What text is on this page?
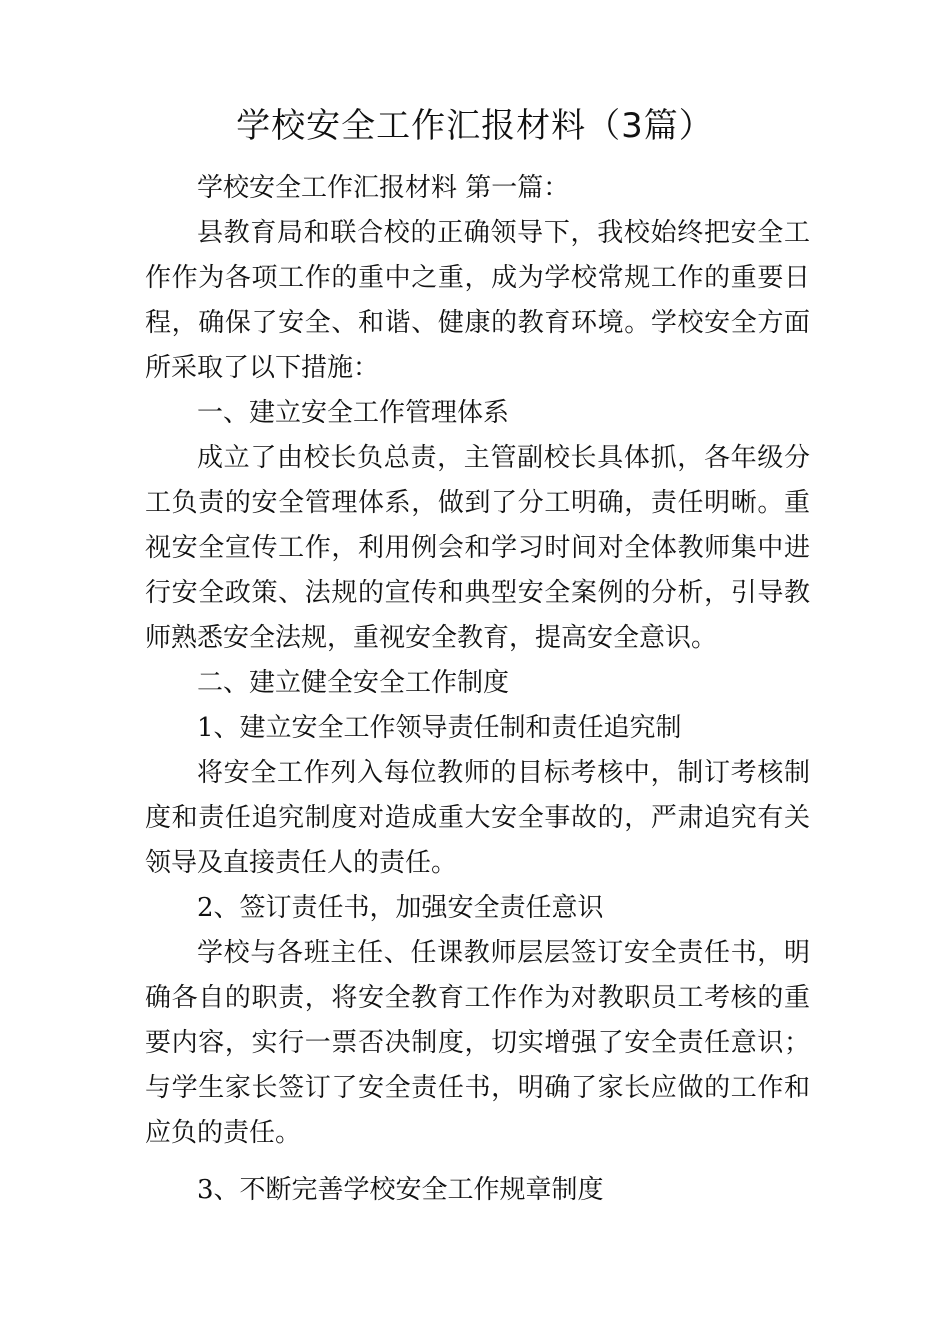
学校安全工作汇报材料（3篇）

学校安全工作汇报材料 第一篇：

县教育局和联合校的正确领导下，我校始终把安全工作作为各项工作的重中之重，成为学校常规工作的重要日程，确保了安全、和谐、健康的教育环境。学校安全方面所采取了以下措施：

一、建立安全工作管理体系

成立了由校长负总责，主管副校长具体抓，各年级分工负责的安全管理体系，做到了分工明确，责任明晰。重视安全宣传工作，利用例会和学习时间对全体教师集中进行安全政策、法规的宣传和典型安全案例的分析，引导教师熟悉安全法规，重视安全教育，提高安全意识。

二、建立健全安全工作制度

1、建立安全工作领导责任制和责任追究制

将安全工作列入每位教师的目标考核中，制订考核制度和责任追究制度对造成重大安全事故的，严肃追究有关领导及直接责任人的责任。

2、签订责任书，加强安全责任意识

学校与各班主任、任课教师层层签订安全责任书，明确各自的职责，将安全教育工作作为对教职员工考核的重要内容，实行一票否决制度，切实增强了安全责任意识；与学生家长签订了安全责任书，明确了家长应做的工作和应负的责任。

3、不断完善学校安全工作规章制度
